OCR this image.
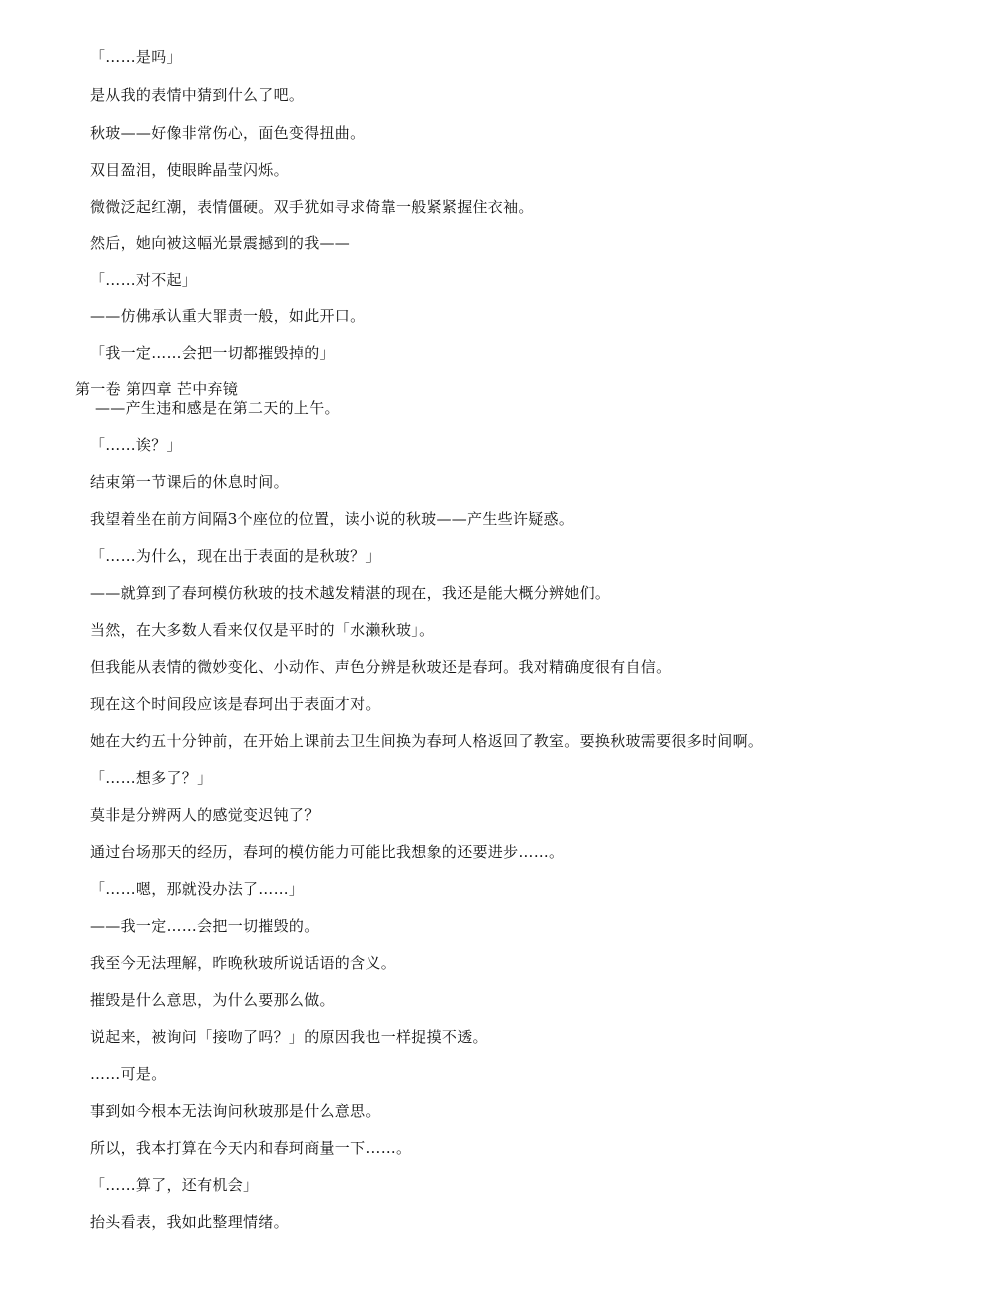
「……是吗」
是从我的表情中猜到什么了吧。
秋玻——好像非常伤心，面色变得扭曲。
双目盈泪，使眼眸晶莹闪烁。
微微泛起红潮，表情僵硬。双手犹如寻求倚靠一般紧紧握住衣袖。
然后，她向被这幅光景震撼到的我——
「……对不起」
——仿佛承认重大罪责一般，如此开口。
「我一定……会把一切都摧毁掉的」
第一卷 第四章 芒中弃镜
——产生违和感是在第二天的上午。
「……诶？」
结束第一节课后的休息时间。
我望着坐在前方间隔3个座位的位置，读小说的秋玻——产生些许疑惑。
「……为什么，现在出于表面的是秋玻？」
——就算到了春珂模仿秋玻的技术越发精湛的现在，我还是能大概分辨她们。
当然，在大多数人看来仅仅是平时的「水濑秋玻」。
但我能从表情的微妙变化、小动作、声色分辨是秋玻还是春珂。我对精确度很有自信。
现在这个时间段应该是春珂出于表面才对。
她在大约五十分钟前，在开始上课前去卫生间换为春珂人格返回了教室。要换秋玻需要很多时间啊。
「……想多了？」
莫非是分辨两人的感觉变迟钝了？
通过台场那天的经历，春珂的模仿能力可能比我想象的还要进步……。
「……嗯，那就没办法了……」
——我一定……会把一切摧毁的。
我至今无法理解，昨晚秋玻所说话语的含义。
摧毁是什么意思，为什么要那么做。
说起来，被询问「接吻了吗？」的原因我也一样捉摸不透。
……可是。
事到如今根本无法询问秋玻那是什么意思。
所以，我本打算在今天内和春珂商量一下……。
「……算了，还有机会」
抬头看表，我如此整理情绪。
